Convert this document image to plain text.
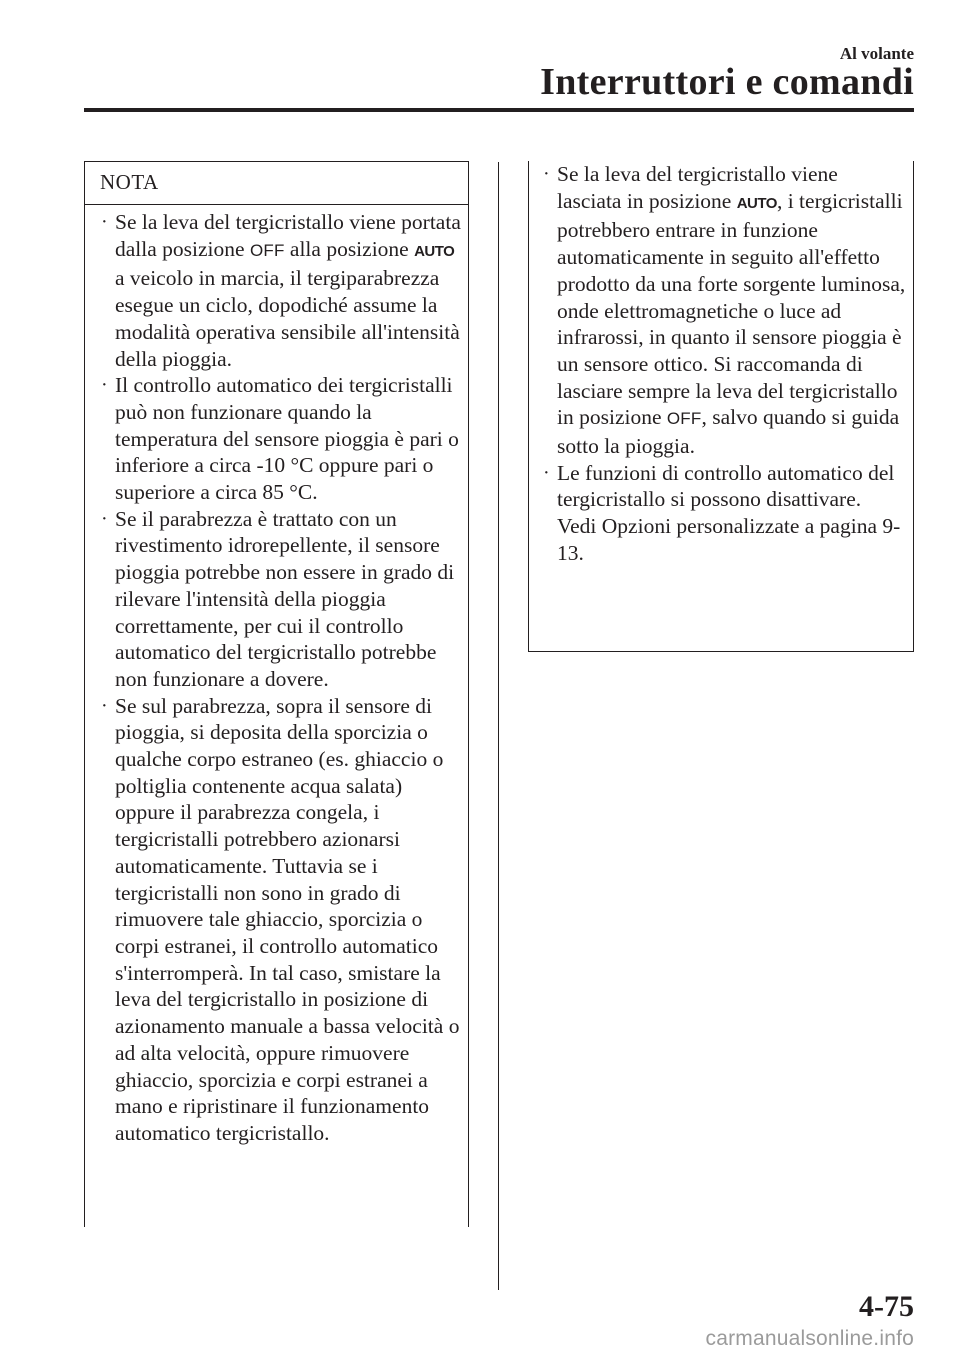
Al volante
Interruttori e comandi
NOTA
· Se la leva del tergicristallo viene portata dalla posizione OFF alla posizione AUTO a veicolo in marcia, il tergiparabrezza esegue un ciclo, dopodiché assume la modalità operativa sensibile all'intensità della pioggia.
· Il controllo automatico dei tergicristalli può non funzionare quando la temperatura del sensore pioggia è pari o inferiore a circa -10 °C oppure pari o superiore a circa 85 °C.
· Se il parabrezza è trattato con un rivestimento idrorepellente, il sensore pioggia potrebbe non essere in grado di rilevare l'intensità della pioggia correttamente, per cui il controllo automatico del tergicristallo potrebbe non funzionare a dovere.
· Se sul parabrezza, sopra il sensore di pioggia, si deposita della sporcizia o qualche corpo estraneo (es. ghiaccio o poltiglia contenente acqua salata) oppure il parabrezza congela, i tergicristalli potrebbero azionarsi automaticamente. Tuttavia se i tergicristalli non sono in grado di rimuovere tale ghiaccio, sporcizia o corpi estranei, il controllo automatico s'interromperà. In tal caso, smistare la leva del tergicristallo in posizione di azionamento manuale a bassa velocità o ad alta velocità, oppure rimuovere ghiaccio, sporcizia e corpi estranei a mano e ripristinare il funzionamento automatico tergicristallo.
· Se la leva del tergicristallo viene lasciata in posizione AUTO, i tergicristalli potrebbero entrare in funzione automaticamente in seguito all'effetto prodotto da una forte sorgente luminosa, onde elettromagnetiche o luce ad infrarossi, in quanto il sensore pioggia è un sensore ottico. Si raccomanda di lasciare sempre la leva del tergicristallo in posizione OFF, salvo quando si guida sotto la pioggia.
· Le funzioni di controllo automatico del tergicristallo si possono disattivare.
Vedi Opzioni personalizzate a pagina 9-13.
4-75
carmanualsonline.info
